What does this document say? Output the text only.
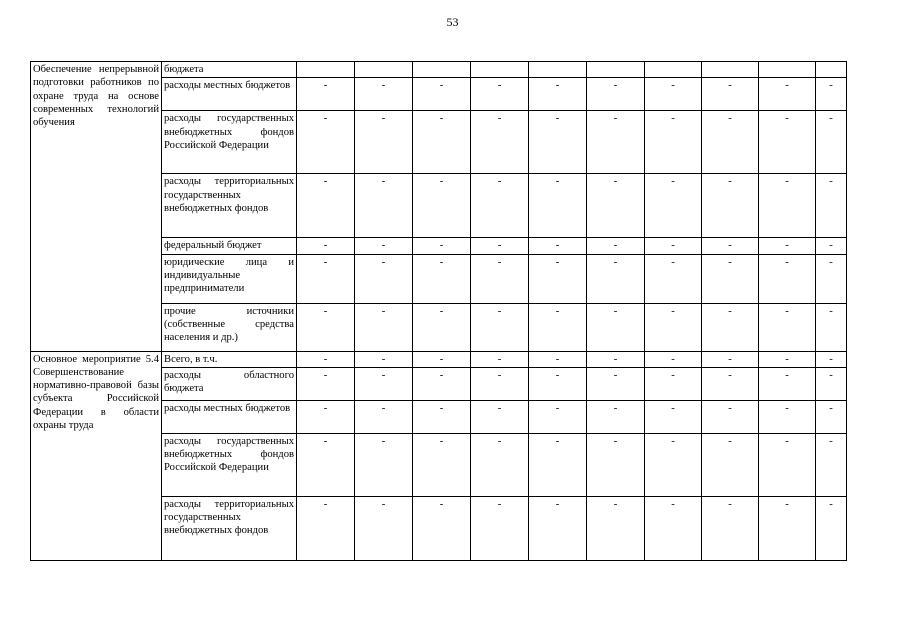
53
Обеспечение непрерывной подготовки работников по охране труда на основе современных технологий обучения	бюджета										
	расходы местных бюджетов	-	-	-	-	-	-	-	-	-	-
	расходы государственных внебюджетных фондов Российской Федерации	-	-	-	-	-	-	-	-	-	-
	расходы территориальных государственных внебюджетных фондов	-	-	-	-	-	-	-	-	-	-
	федеральный бюджет	-	-	-	-	-	-	-	-	-	-
	юридические лица и индивидуальные предприниматели	-	-	-	-	-	-	-	-	-	-
	прочие источники (собственные средства населения и др.)	-	-	-	-	-	-	-	-	-	-
Основное мероприятие 5.4 Совершенствование нормативно-правовой базы субъекта Российской Федерации в области охраны труда	Всего, в т.ч.	-	-	-	-	-	-	-	-	-	-
	расходы областного бюджета	-	-	-	-	-	-	-	-	-	-
	расходы местных бюджетов	-	-	-	-	-	-	-	-	-	-
	расходы государственных внебюджетных фондов Российской Федерации	-	-	-	-	-	-	-	-	-	-
	расходы территориальных государственных внебюджетных фондов	-	-	-	-	-	-	-	-	-	-
